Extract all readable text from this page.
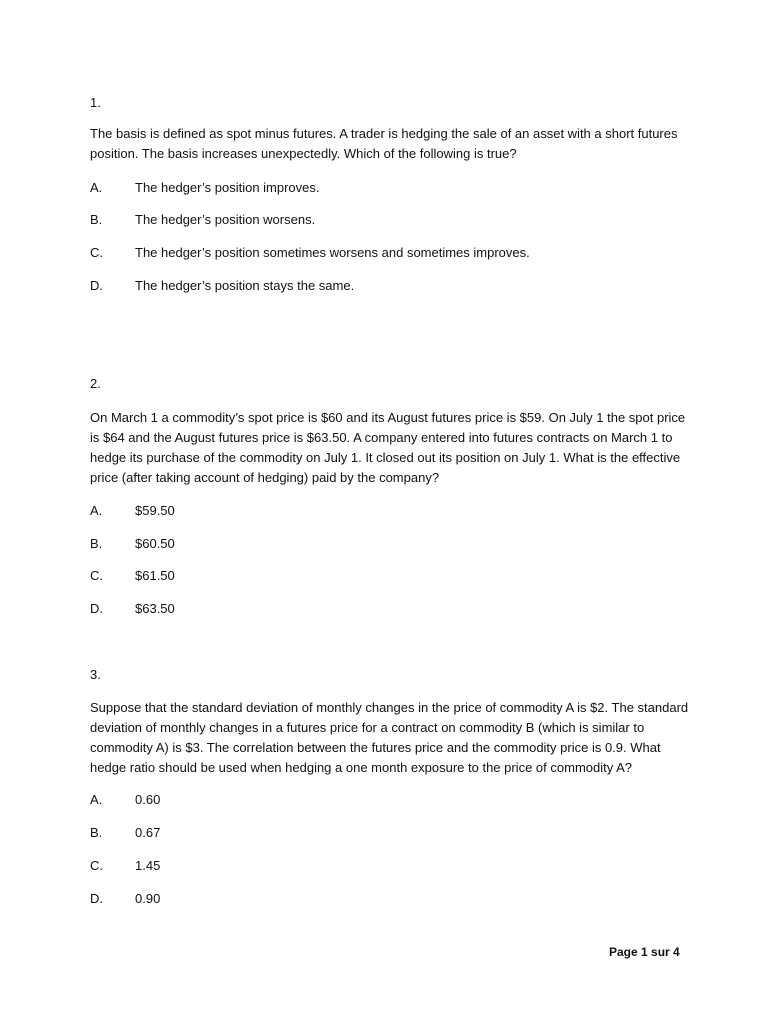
1.
The basis is defined as spot minus futures. A trader is hedging the sale of an asset with a short futures position. The basis increases unexpectedly. Which of the following is true?
A.	The hedger’s position improves.
B.	The hedger’s position worsens.
C. The hedger’s position sometimes worsens and sometimes improves.
D. The hedger’s position stays the same.
2.
On March 1 a commodity’s spot price is $60 and its August futures price is $59. On July 1 the spot price is $64 and the August futures price is $63.50. A company entered into futures contracts on March 1 to hedge its purchase of the commodity on July 1. It closed out its position on July 1. What is the effective price (after taking account of hedging) paid by the company?
A.	$59.50
B.	$60.50
C. $61.50
D. $63.50
3.
Suppose that the standard deviation of monthly changes in the price of commodity A is $2. The standard deviation of monthly changes in a futures price for a contract on commodity B (which is similar to commodity A) is $3. The correlation between the futures price and the commodity price is 0.9. What hedge ratio should be used when hedging a one month exposure to the price of commodity A?
A.	0.60
B.	0.67
C. 1.45
D. 0.90
Page 1 sur 4
